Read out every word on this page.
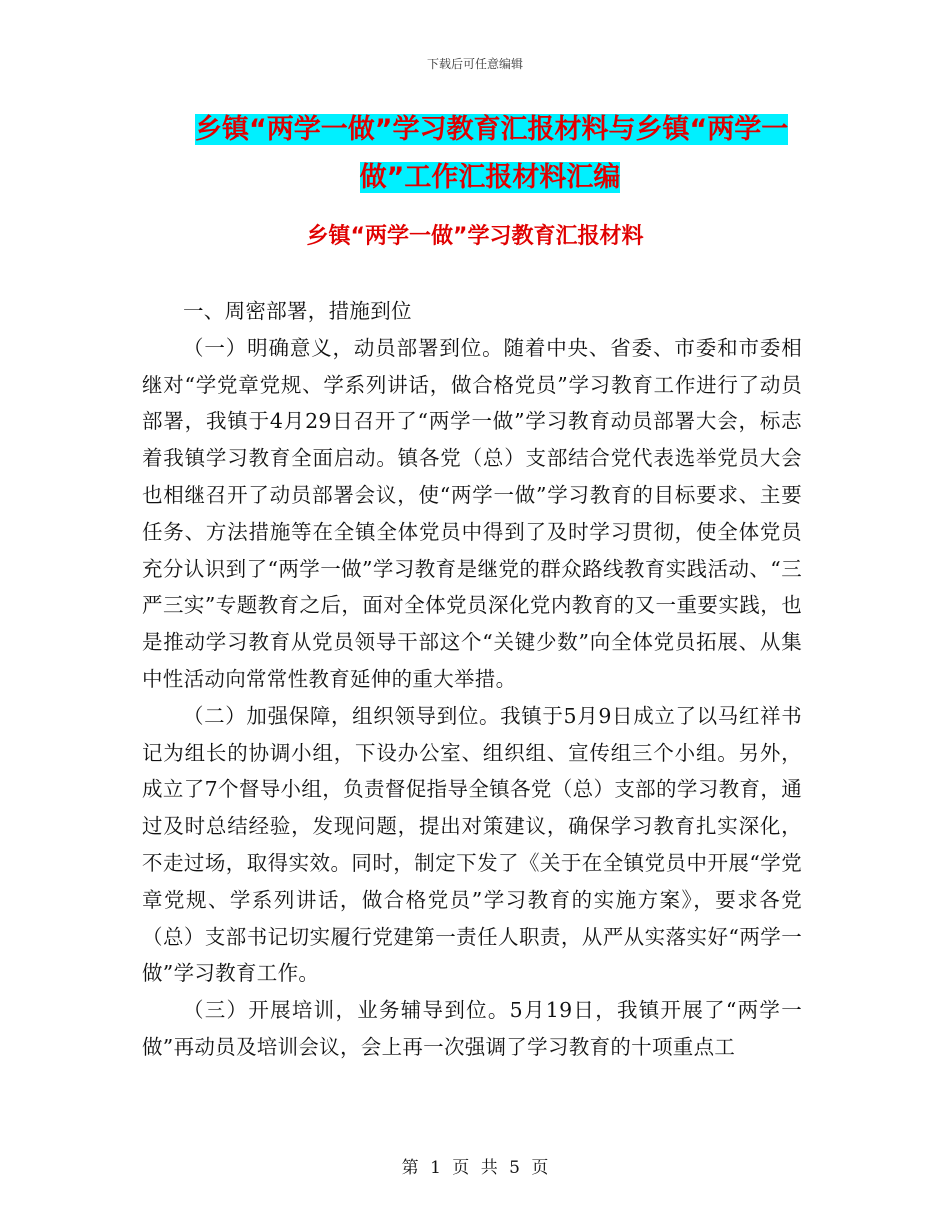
下载后可任意编辑
乡镇“两学一做”学习教育汇报材料与乡镇“两学一
做”工作汇报材料汇编
乡镇“两学一做”学习教育汇报材料

一、周密部署，措施到位

（一）明确意义，动员部署到位。随着中央、省委、市委和市委相继对“学党章党规、学系列讲话，做合格党员”学习教育工作进行了动员部署，我镇于4月29日召开了“两学一做”学习教育动员部署大会，标志着我镇学习教育全面启动。镇各党（总）支部结合党代表选举党员大会也相继召开了动员部署会议，使“两学一做”学习教育的目标要求、主要任务、方法措施等在全镇全体党员中得到了及时学习贯彻，使全体党员充分认识到了“两学一做”学习教育是继党的群众路线教育实践活动、“三严三实”专题教育之后，面对全体党员深化党内教育的又一重要实践，也是推动学习教育从党员领导干部这个“关键少数”向全体党员拓展、从集中性活动向常常性教育延伸的重大举措。

（二）加强保障，组织领导到位。我镇于5月9日成立了以马红祥书记为组长的协调小组，下设办公室、组织组、宣传组三个小组。另外，成立了7个督导小组，负责督促指导全镇各党（总）支部的学习教育，通过及时总结经验，发现问题，提出对策建议，确保学习教育扎实深化，不走过场，取得实效。同时，制定下发了《关于在全镇党员中开展“学党章党规、学系列讲话，做合格党员”学习教育的实施方案》，要求各党（总）支部书记切实履行党建第一责任人职责，从严从实落实好“两学一做”学习教育工作。

（三）开展培训，业务辅导到位。5月19日，我镇开展了“两学一做”再动员及培训会议，会上再一次强调了学习教育的十项重点工

第 1 页 共 5 页
